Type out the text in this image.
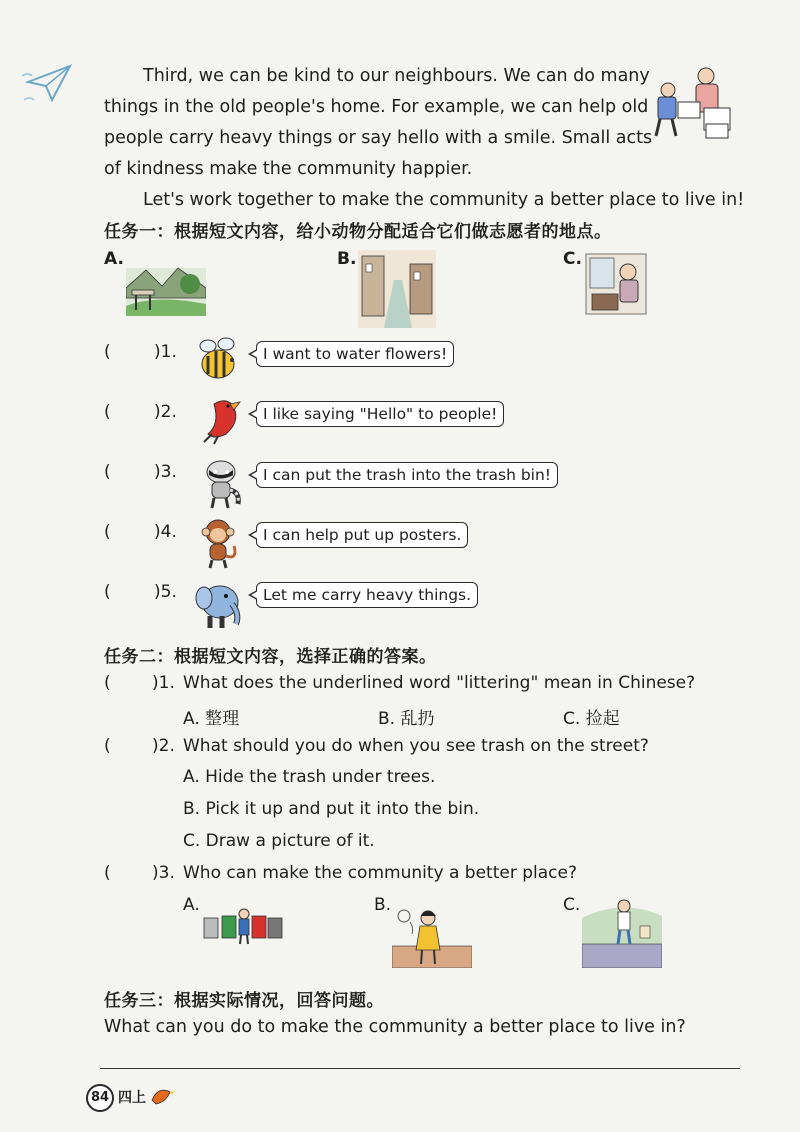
Third, we can be kind to our neighbours. We can do many
things in the old people's home. For example, we can help old
people carry heavy things or say hello with a smile. Small acts
of kindness make the community happier.
Let's work together to make the community a better place to live in!
任务一：根据短文内容，给小动物分配适合它们做志愿者的地点。
A.	B.	C.
(	)1.	I want to water flowers!
(	)2.	I like saying "Hello" to people!
(	)3.	I can put the trash into the trash bin!
(	)4.	I can help put up posters.
(	)5.	Let me carry heavy things.
任务二：根据短文内容，选择正确的答案。
( )1. What does the underlined word "littering" mean in Chinese?
A. 整理	B. 乱扔	C. 捡起
( )2. What should you do when you see trash on the street?
A. Hide the trash under trees.
B. Pick it up and put it into the bin.
C. Draw a picture of it.
( )3. Who can make the community a better place?
A.	B.	C.
任务三：根据实际情况，回答问题。
What can you do to make the community a better place to live in?
84 四上
